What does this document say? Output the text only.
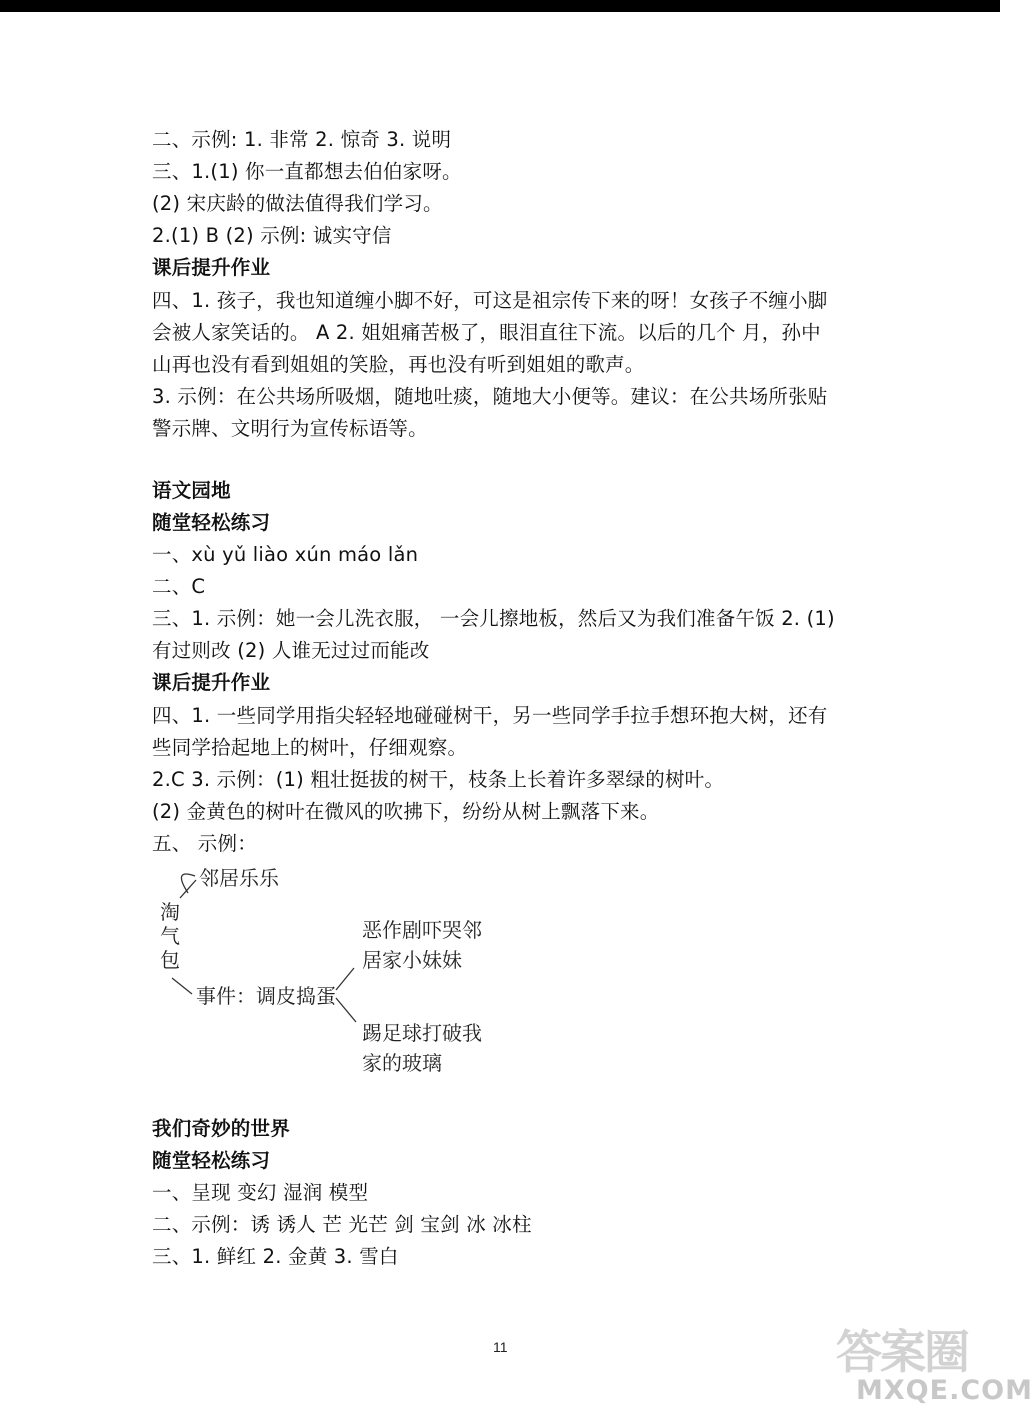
二、示例: 1. 非常 2. 惊奇 3. 说明
三、1.(1) 你一直都想去伯伯家呀。
(2) 宋庆龄的做法值得我们学习。
2.(1) B (2) 示例: 诚实守信
课后提升作业
四、1. 孩子，我也知道缠小脚不好，可这是祖宗传下来的呀！女孩子不缠小脚
会被人家笑话的。 A 2. 姐姐痛苦极了，眼泪直往下流。以后的几个 月，孙中
山再也没有看到姐姐的笑脸，再也没有听到姐姐的歌声。
3. 示例：在公共场所吸烟，随地吐痰，随地大小便等。建议：在公共场所张贴
警示牌、文明行为宣传标语等。
语文园地
随堂轻松练习
一、xù yǔ liào xún máo lǎn
二、C
三、1. 示例：她一会儿洗衣服， 一会儿擦地板，然后又为我们准备午饭 2. (1)
有过则改 (2) 人谁无过过而能改
课后提升作业
四、1. 一些同学用指尖轻轻地碰碰树干，另一些同学手拉手想环抱大树，还有
些同学拾起地上的树叶，仔细观察。
2.C 3. 示例：(1) 粗壮挺拔的树干，枝条上长着许多翠绿的树叶。
(2) 金黄色的树叶在微风的吹拂下，纷纷从树上飘落下来。
五、 示例：
邻居乐乐
淘
气
包
事件：调皮捣蛋
恶作剧吓哭邻
居家小妹妹
踢足球打破我
家的玻璃
我们奇妙的世界
随堂轻松练习
一、呈现 变幻 湿润 模型
二、示例：诱 诱人 芒 光芒 剑 宝剑 冰 冰柱
三、1. 鲜红 2. 金黄 3. 雪白
11	答案圈
MXQE.COM
